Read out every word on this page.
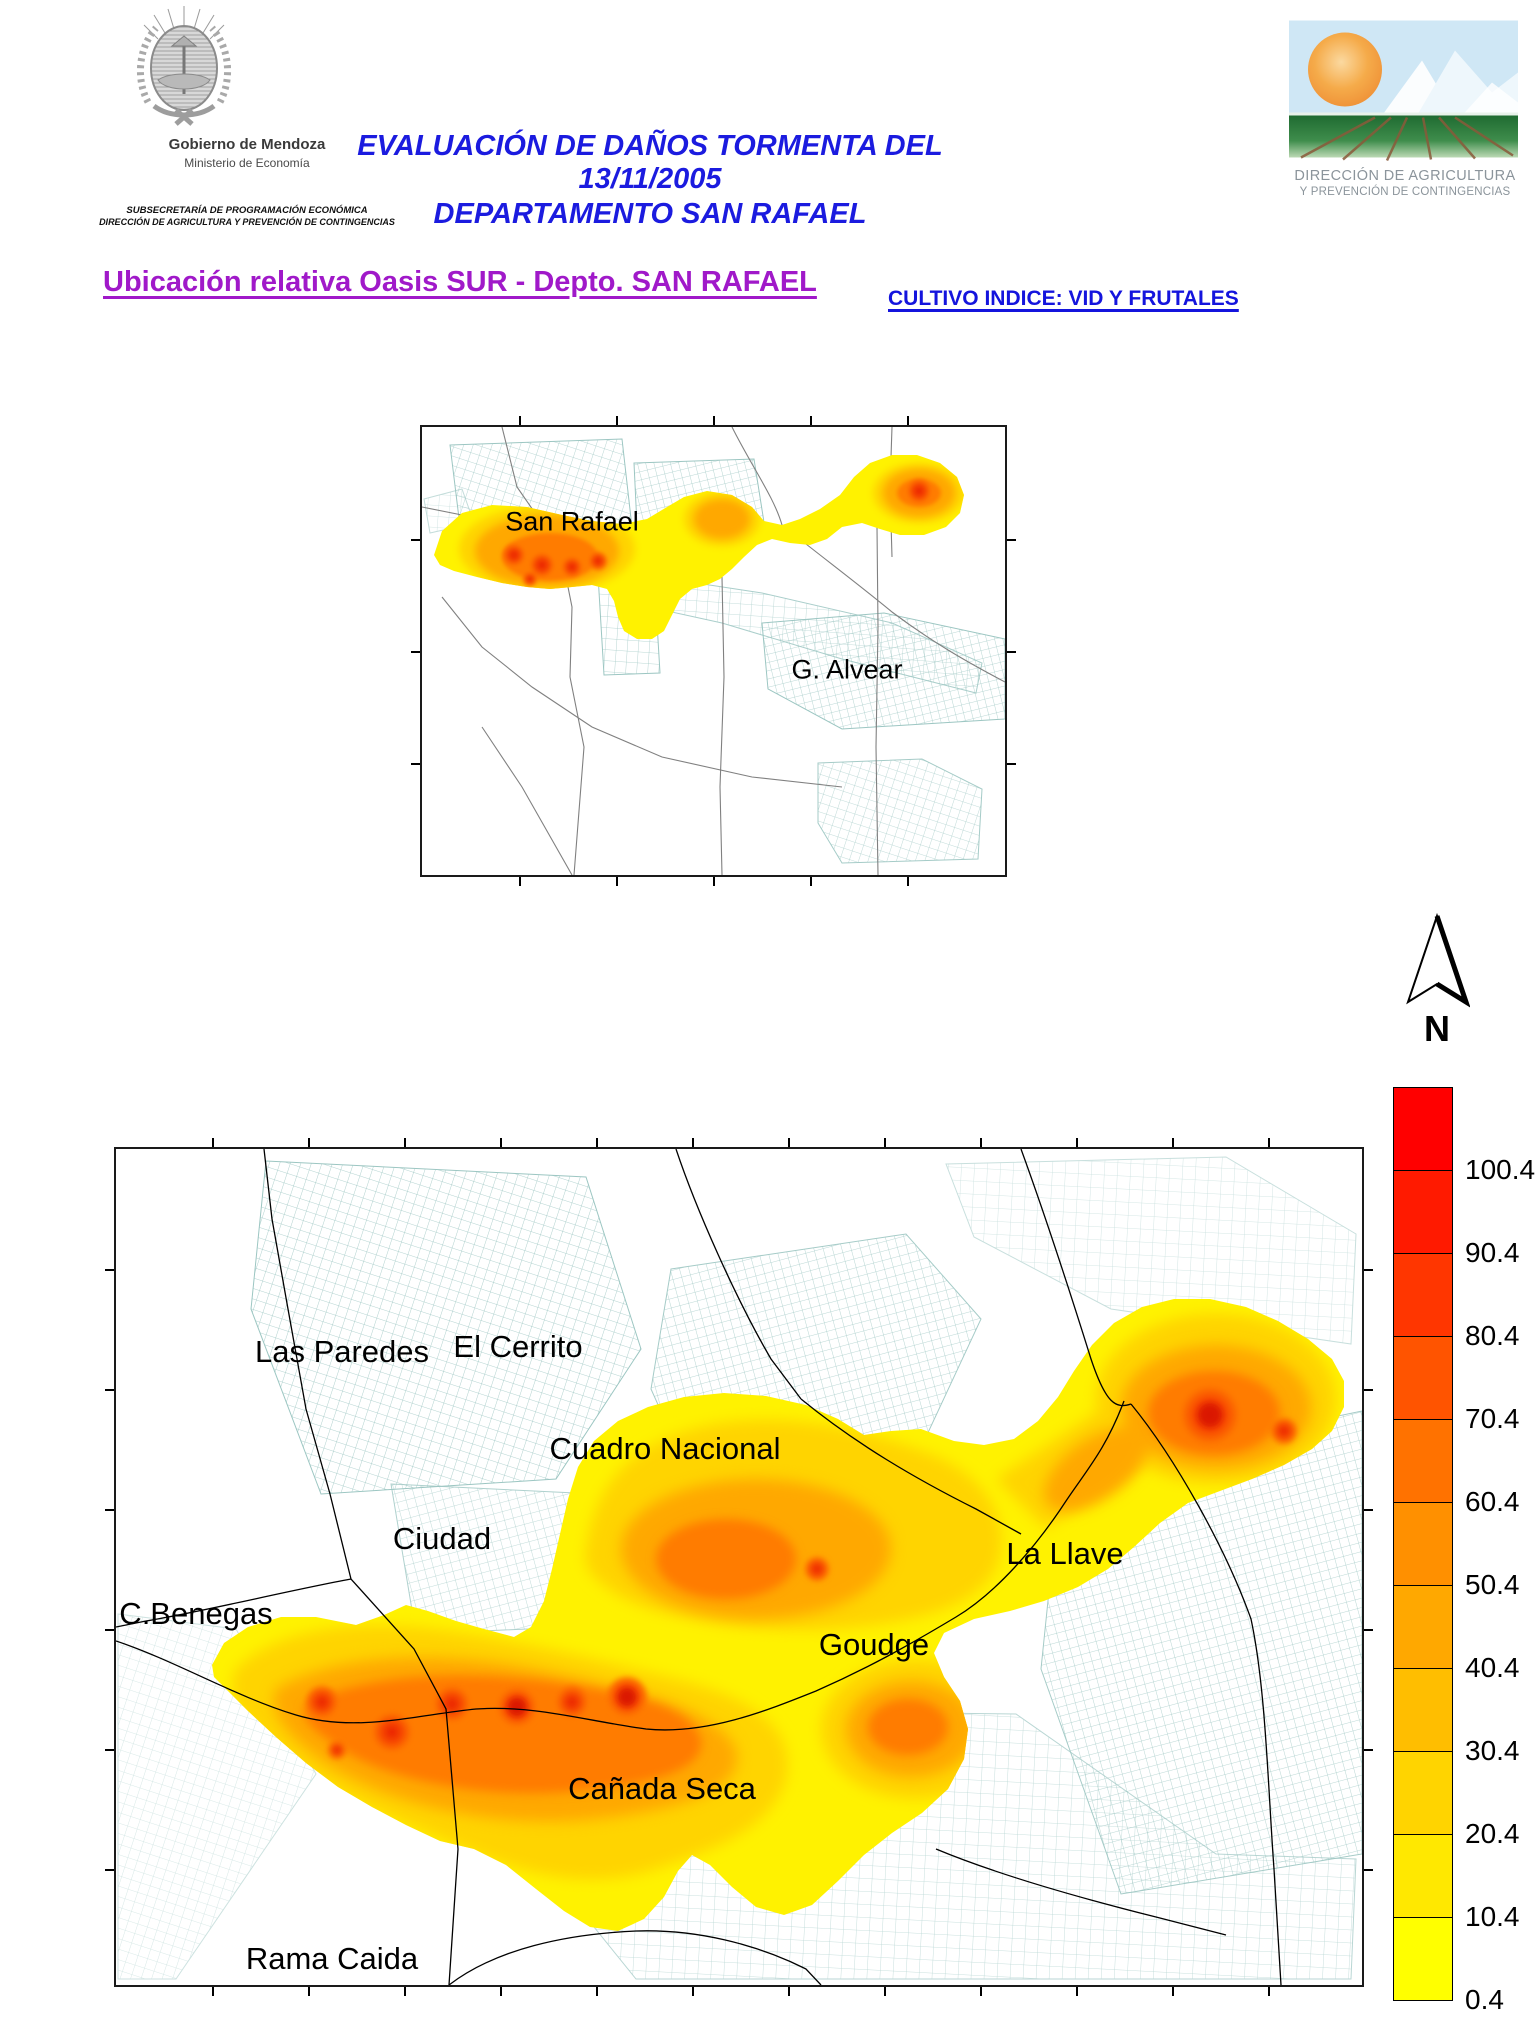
Gobierno de Mendoza
Ministerio de Economía
SUBSECRETARÍA DE PROGRAMACIÓN ECONÓMICA
DIRECCIÓN DE AGRICULTURA Y PREVENCIÓN DE CONTINGENCIAS
EVALUACIÓN DE DAÑOS TORMENTA DEL 13/11/2005
DEPARTAMENTO SAN RAFAEL
DIRECCIÓN DE AGRICULTURA
Y PREVENCIÓN DE CONTINGENCIAS
Ubicación relativa Oasis SUR - Depto. SAN RAFAEL
CULTIVO INDICE: VID Y FRUTALES
San Rafael
G. Alvear
N
Las Paredes El Cerrito
Cuadro Nacional
Ciudad	La Llave
C.Benegas
Goudge
Cañada Seca
Rama Caida
100.4
90.4
80.4
70.4
60.4
50.4
40.4
30.4
20.4
10.4
0.4
